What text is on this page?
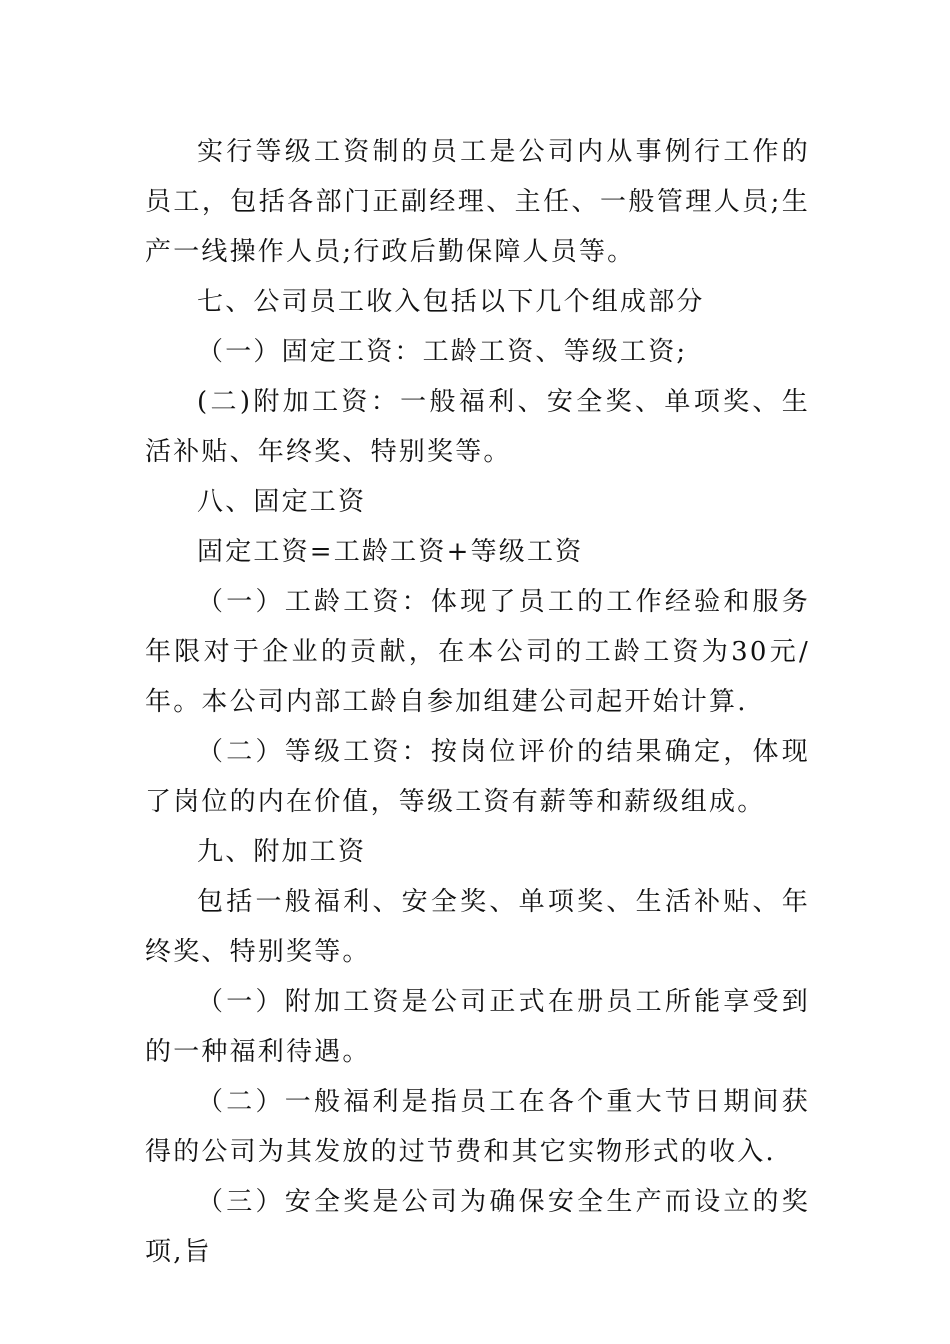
实行等级工资制的员工是公司内从事例行工作的员工，包括各部门正副经理、主任、一般管理人员;生产一线操作人员;行政后勤保障人员等。

七、公司员工收入包括以下几个组成部分

（一）固定工资：工龄工资、等级工资;

(二)附加工资：一般福利、安全奖、单项奖、生活补贴、年终奖、特别奖等。

八、固定工资

固定工资=工龄工资+等级工资

（一）工龄工资：体现了员工的工作经验和服务年限对于企业的贡献，在本公司的工龄工资为30元/年。本公司内部工龄自参加组建公司起开始计算.

（二）等级工资：按岗位评价的结果确定，体现了岗位的内在价值，等级工资有薪等和薪级组成。

九、附加工资

包括一般福利、安全奖、单项奖、生活补贴、年终奖、特别奖等。

（一）附加工资是公司正式在册员工所能享受到的一种福利待遇。

（二）一般福利是指员工在各个重大节日期间获得的公司为其发放的过节费和其它实物形式的收入.

（三）安全奖是公司为确保安全生产而设立的奖项,旨
